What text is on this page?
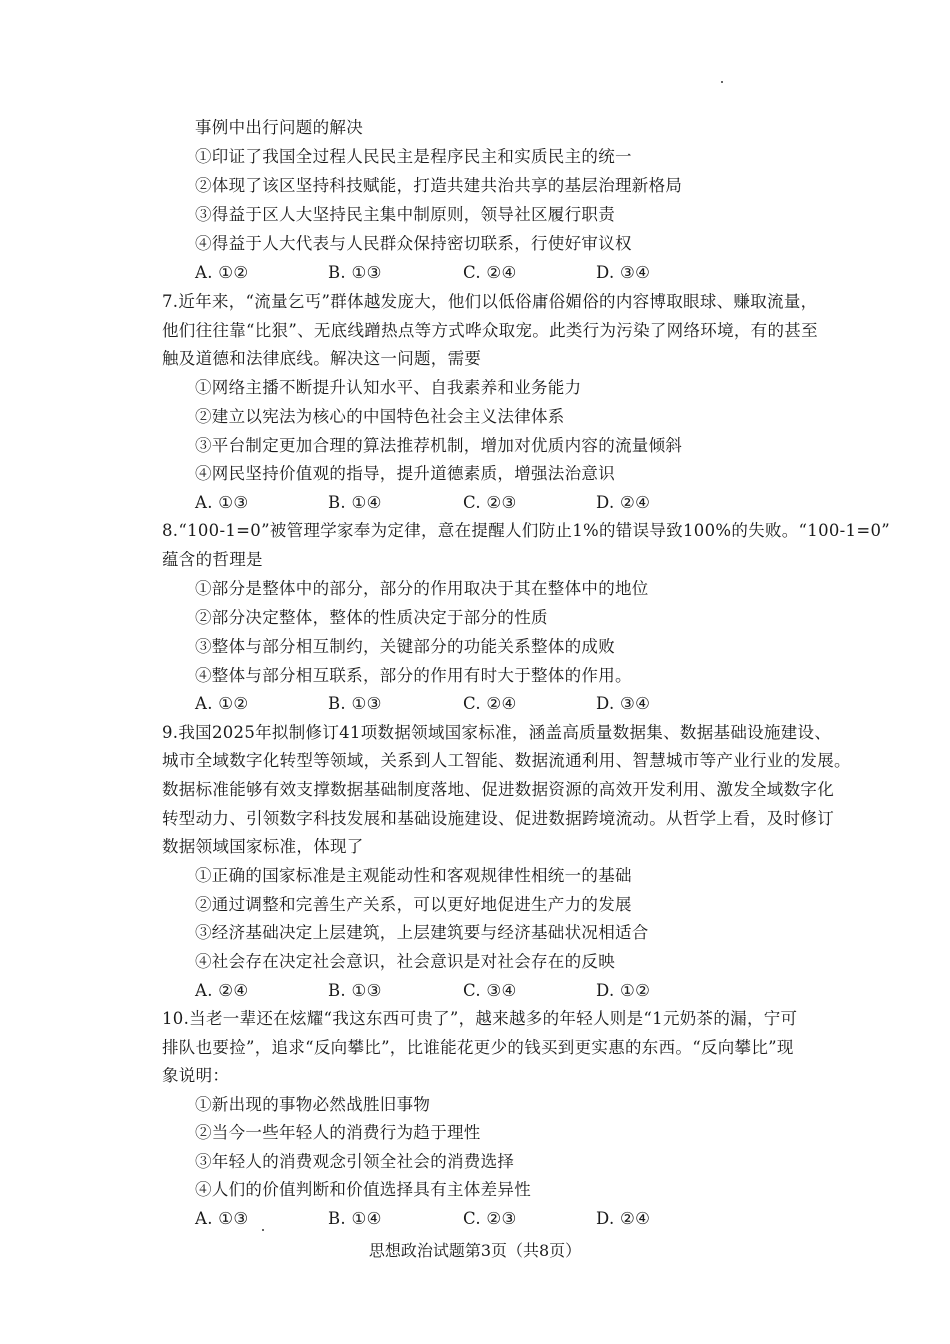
事例中出行问题的解决
①印证了我国全过程人民民主是程序民主和实质民主的统一
②体现了该区坚持科技赋能，打造共建共治共享的基层治理新格局
③得益于区人大坚持民主集中制原则，领导社区履行职责
④得益于人大代表与人民群众保持密切联系，行使好审议权
A. ①②	B. ①③	C. ②④	D. ③④
7.近年来，“流量乞丐”群体越发庞大，他们以低俗庸俗媚俗的内容博取眼球、赚取流量，
他们往往靠“比狠”、无底线蹭热点等方式哗众取宠。此类行为污染了网络环境，有的甚至
触及道德和法律底线。解决这一问题，需要
①网络主播不断提升认知水平、自我素养和业务能力
②建立以宪法为核心的中国特色社会主义法律体系
③平台制定更加合理的算法推荐机制，增加对优质内容的流量倾斜
④网民坚持价值观的指导，提升道德素质，增强法治意识
A. ①③	B. ①④	C. ②③	D. ②④
8.“100-1=0”被管理学家奉为定律，意在提醒人们防止1%的错误导致100%的失败。“100-1=0”
蕴含的哲理是
①部分是整体中的部分，部分的作用取决于其在整体中的地位
②部分决定整体，整体的性质决定于部分的性质
③整体与部分相互制约，关键部分的功能关系整体的成败
④整体与部分相互联系，部分的作用有时大于整体的作用。
A. ①②	B. ①③	C. ②④	D. ③④
9.我国2025年拟制修订41项数据领域国家标准，涵盖高质量数据集、数据基础设施建设、
城市全域数字化转型等领域，关系到人工智能、数据流通利用、智慧城市等产业行业的发展。
数据标准能够有效支撑数据基础制度落地、促进数据资源的高效开发利用、激发全域数字化
转型动力、引领数字科技发展和基础设施建设、促进数据跨境流动。从哲学上看，及时修订
数据领域国家标准，体现了
①正确的国家标准是主观能动性和客观规律性相统一的基础
②通过调整和完善生产关系，可以更好地促进生产力的发展
③经济基础决定上层建筑，上层建筑要与经济基础状况相适合
④社会存在决定社会意识，社会意识是对社会存在的反映
A. ②④	B. ①③	C. ③④	D. ①②
10.当老一辈还在炫耀“我这东西可贵了”，越来越多的年轻人则是“1元奶茶的漏，宁可
排队也要捡”，追求“反向攀比”，比谁能花更少的钱买到更实惠的东西。“反向攀比”现
象说明：
①新出现的事物必然战胜旧事物
②当今一些年轻人的消费行为趋于理性
③年轻人的消费观念引领全社会的消费选择
④人们的价值判断和价值选择具有主体差异性
A. ①③	B. ①④	C. ②③	D. ②④
思想政治试题第3页（共8页）
